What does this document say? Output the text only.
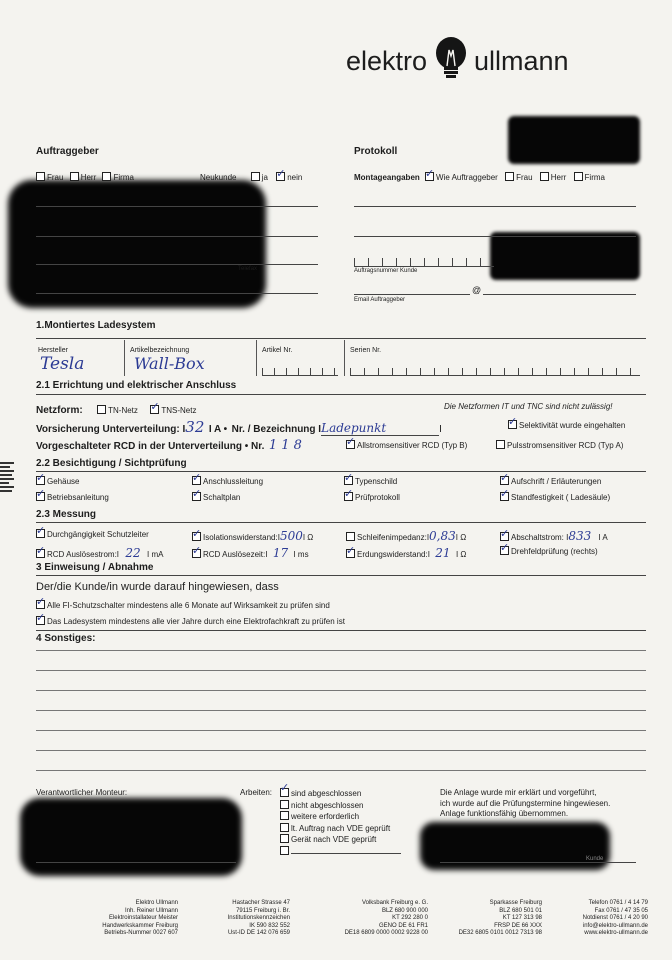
elektro ullmann
Auftraggeber
Frau Herr Firma	Neukunde	ja ✓ nein
Telefax
Protokoll
Montageangaben ✓ Wie Auftraggeber Frau Herr Firma
Auftragsnummer Kunde
@
Email Auftraggeber
1.Montiertes Ladesystem
Hersteller	Artikelbezeichnung	Artikel Nr.	Serien Nr.
Tesla	Wall-Box
2.1 Errichtung und elektrischer Anschluss
Netzform:	TN-Netz ✓	TNS-Netz	Die Netzformen IT und TNC sind nicht zulässig!
Vorsicherung Unterverteilung: I32 I A • Nr. / Bezeichnung ILadepunkt	I ✓	Selektivität wurde eingehalten
Vorgeschalteter RCD in der Unterverteilung • Nr. 1 1 8 ✓	Allstromsensitiver RCD (Typ B)	Pulsstromsensitiver RCD (Typ A)
2.2 Besichtigung / Sichtprüfung
✓Gehäuse ✓	Anschlussleitung ✓	Typenschild ✓	Aufschrift / Erläuterungen
✓Betriebsanleitung ✓	Schaltplan ✓	Prüfprotokoll ✓	Standfestigkeit ( Ladesäule)
2.3 Messung
✓Durchgängigkeit Schutzleiter ✓	Isolationswiderstand:I500I Ω	Schleifenimpedanz:I0,83I Ω ✓	Abschaltstrom: I833 I A
✓RCD Auslösestrom:I 22 I mA ✓	RCD Auslösezeit:I 17 I ms ✓	Erdungswiderstand:I 21 I Ω ✓	Drehfeldprüfung (rechts)
3 Einweisung / Abnahme
Der/die Kunde/in wurde darauf hingewiesen, dass
✓Alle FI-Schutzschalter mindestens alle 6 Monate auf Wirksamkeit zu prüfen sind
✓Das Ladesystem mindestens alle vier Jahre durch eine Elektrofachkraft zu prüfen ist
4 Sonstiges:
Verantwortlicher Monteur:	Arbeiten: ✓	sind abgeschlossen
nicht abgeschlossen
weitere erforderlich
lt. Auftrag nach VDE geprüft
Gerät nach VDE geprüft
Die Anlage wurde mir erklärt und vorgeführt,
ich wurde auf die Prüfungstermine hingewiesen.
Anlage funktionsfähig übernommen.
Kunde
Elektro Ullmann
Inh. Reiner Ullmann
Elektroinstallateur Meister
Handwerkskammer Freiburg
Betriebs-Nummer 0027 607
Hastacher Strasse 47
79115 Freiburg i. Br.
Institutionskennzeichen
IK 590 832 552
Ust-ID DE 142 076 659
Volksbank Freiburg e. G.
BLZ 680 900 000
KT 292 280 0
GENO DE 61 FR1
DE18 6809 0000 0002 9228 00
Sparkasse Freiburg
BLZ 680 501 01
KT 127 313 98
FRSP DE 66 XXX
DE32 6805 0101 0012 7313 98
Telefon 0761 / 4 14 79
Fax 0761 / 47 35 05
Notdienst 0761 / 4 20 90
info@elektro-ullmann.de
www.elektro-ullmann.de
